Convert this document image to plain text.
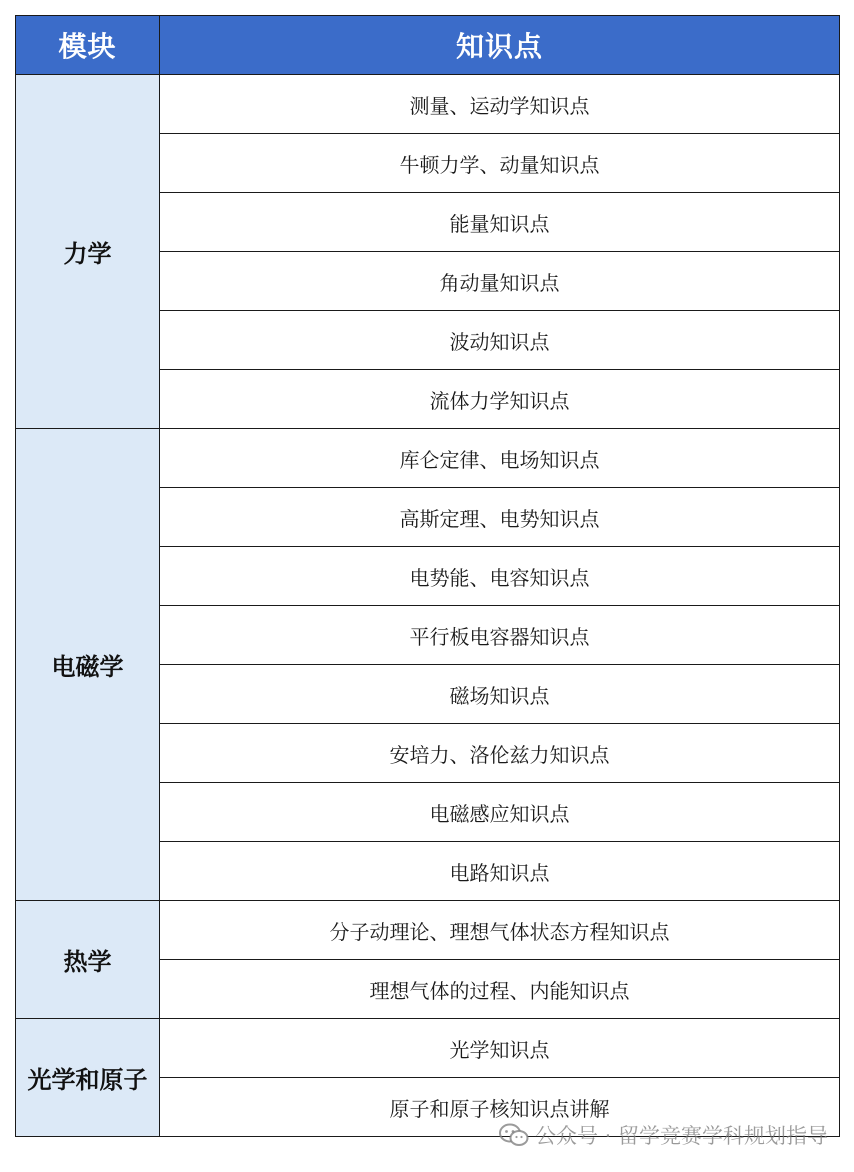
模块	知识点
力学	测量、运动学知识点
	牛顿力学、动量知识点
	能量知识点
	角动量知识点
	波动知识点
	流体力学知识点
电磁学	库仑定律、电场知识点
	高斯定理、电势知识点
	电势能、电容知识点
	平行板电容器知识点
	磁场知识点
	安培力、洛伦兹力知识点
	电磁感应知识点
	电路知识点
热学	分子动理论、理想气体状态方程知识点
	理想气体的过程、内能知识点
光学和原子	光学知识点
	原子和原子核知识点讲解
公众号 · 留学竞赛学科规划指导
